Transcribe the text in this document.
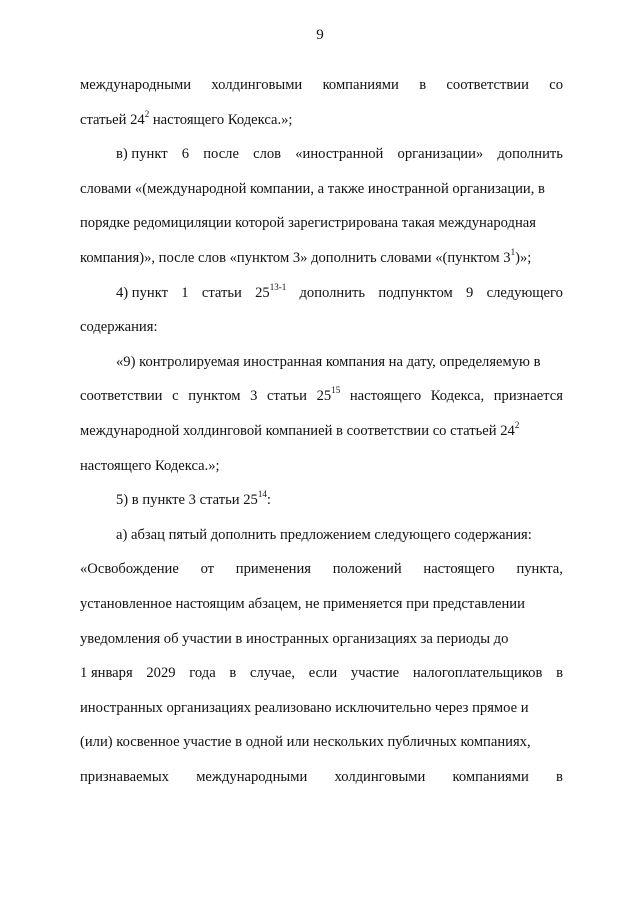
9
международными холдинговыми компаниями в соответствии со
статьей $24^2$ настоящего Кодекса.»;
в) пункт 6 после слов «иностранной организации» дополнить
словами «(международной компании, а также иностранной организации, в
порядке редомициляции которой зарегистрирована такая международная
компания)», после слов «пунктом 3» дополнить словами «(пунктом $3^1$)»;
4) пункт 1 статьи 25$^{13-1}$ дополнить подпунктом 9 следующего
содержания:
«9) контролируемая иностранная компания на дату, определяемую в
соответствии с пунктом 3 статьи $25^{15}$ настоящего Кодекса, признается
международной холдинговой компанией в соответствии со статьей $24^2$
настоящего Кодекса.»;
5) в пункте 3 статьи $25^{14}$:
а) абзац пятый дополнить предложением следующего содержания:
«Освобождение от применения положений настоящего пункта,
установленное настоящим абзацем, не применяется при представлении
уведомления об участии в иностранных организациях за периоды до
1 января 2029 года в случае, если участие налогоплательщиков в
иностранных организациях реализовано исключительно через прямое и
(или) косвенное участие в одной или нескольких публичных компаниях,
признаваемых международными холдинговыми компаниями в
